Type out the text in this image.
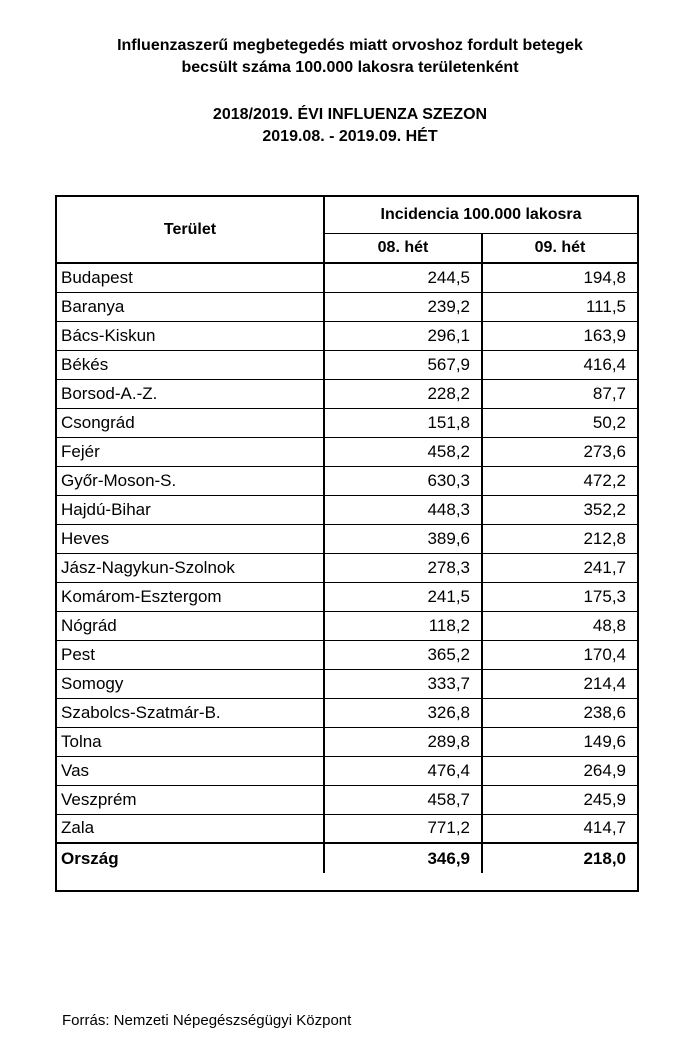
Influenzaszerű megbetegedés miatt orvoshoz fordult betegek
becsült száma 100.000 lakosra területenként
2018/2019. ÉVI INFLUENZA SZEZON
2019.08. - 2019.09. HÉT
Terület	Incidencia 100.000 lakosra	
	08. hét	09. hét
Budapest	244,5	194,8
Baranya	239,2	111,5
Bács-Kiskun	296,1	163,9
Békés	567,9	416,4
Borsod-A.-Z.	228,2	87,7
Csongrád	151,8	50,2
Fejér	458,2	273,6
Győr-Moson-S.	630,3	472,2
Hajdú-Bihar	448,3	352,2
Heves	389,6	212,8
Jász-Nagykun-Szolnok	278,3	241,7
Komárom-Esztergom	241,5	175,3
Nógrád	118,2	48,8
Pest	365,2	170,4
Somogy	333,7	214,4
Szabolcs-Szatmár-B.	326,8	238,6
Tolna	289,8	149,6
Vas	476,4	264,9
Veszprém	458,7	245,9
Zala	771,2	414,7
Ország	346,9	218,0
Forrás: Nemzeti Népegészségügyi Központ
